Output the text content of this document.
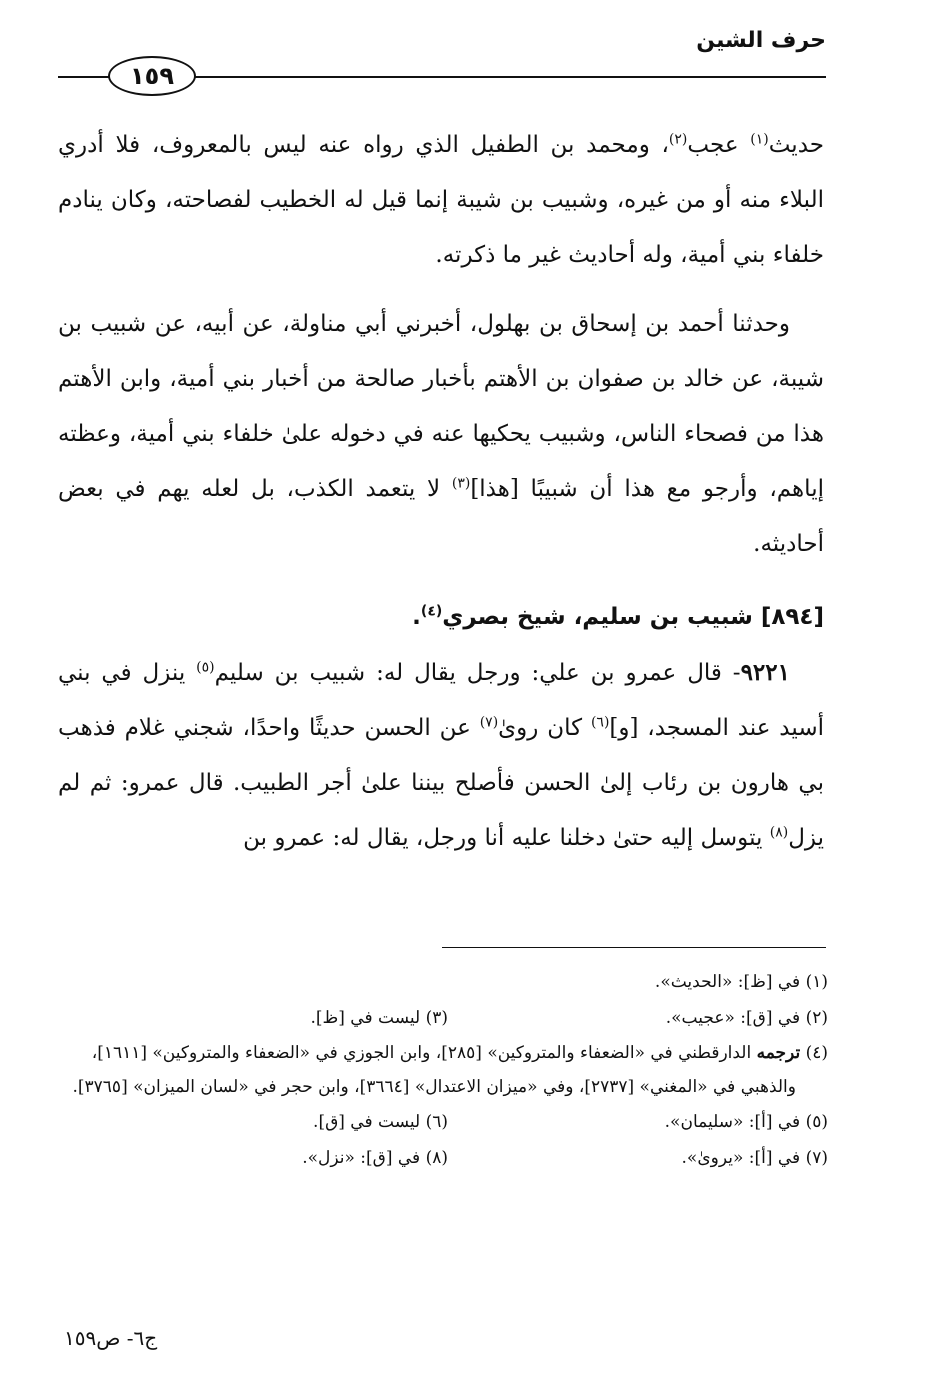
حرف الشين
١٥٩

حديث$^{(١)}$ عجب$^{(٢)}$، ومحمد بن الطفيل الذي رواه عنه ليس بالمعروف، فلا أدري البلاء منه أو من غيره، وشبيب بن شيبة إنما قيل له الخطيب لفصاحته، وكان ينادم خلفاء بني أمية، وله أحاديث غير ما ذكرته.

وحدثنا أحمد بن إسحاق بن بهلول، أخبرني أبي مناولة، عن أبيه، عن شبيب بن شيبة، عن خالد بن صفوان بن الأهتم بأخبار صالحة من أخبار بني أمية، وابن الأهتم هذا من فصحاء الناس، وشبيب يحكيها عنه في دخوله علىٰ خلفاء بني أمية، وعظته إياهم، وأرجو مع هذا أن شبيبًا [هذا]$^{(٣)}$ لا يتعمد الكذب، بل لعله يهم في بعض أحاديثه.

[٨٩٤] شبيب بن سليم، شيخ بصري$^{(٤)}$.

٩٢٢١- قال عمرو بن علي: ورجل يقال له: شبيب بن سليم$^{(٥)}$ ينزل في بني أسيد عند المسجد، [و]$^{(٦)}$ كان روىٰ$^{(٧)}$ عن الحسن حديثًا واحدًا، شجني غلام فذهب بي هارون بن رئاب إلىٰ الحسن فأصلح بيننا علىٰ أجر الطبيب. قال عمرو: ثم لم يزل$^{(٨)}$ يتوسل إليه حتىٰ دخلنا عليه أنا ورجل، يقال له: عمرو بن

(١) في [ظ]: «الحديث».
(٢) في [ق]: «عجيب».
(٣) ليست في [ظ].
(٤) ترجمه الدارقطني في «الضعفاء والمتروكين» [٢٨٥]، وابن الجوزي في «الضعفاء والمتروكين» [١٦١١]، والذهبي في «المغني» [٢٧٣٧]، وفي «ميزان الاعتدال» [٣٦٦٤]، وابن حجر في «لسان الميزان» [٣٧٦٥].
(٥) في [أ]: «سليمان».
(٦) ليست في [ق].
(٧) في [أ]: «يروىٰ».
(٨) في [ق]: «نزل».
ج٦- ص١٥٩
